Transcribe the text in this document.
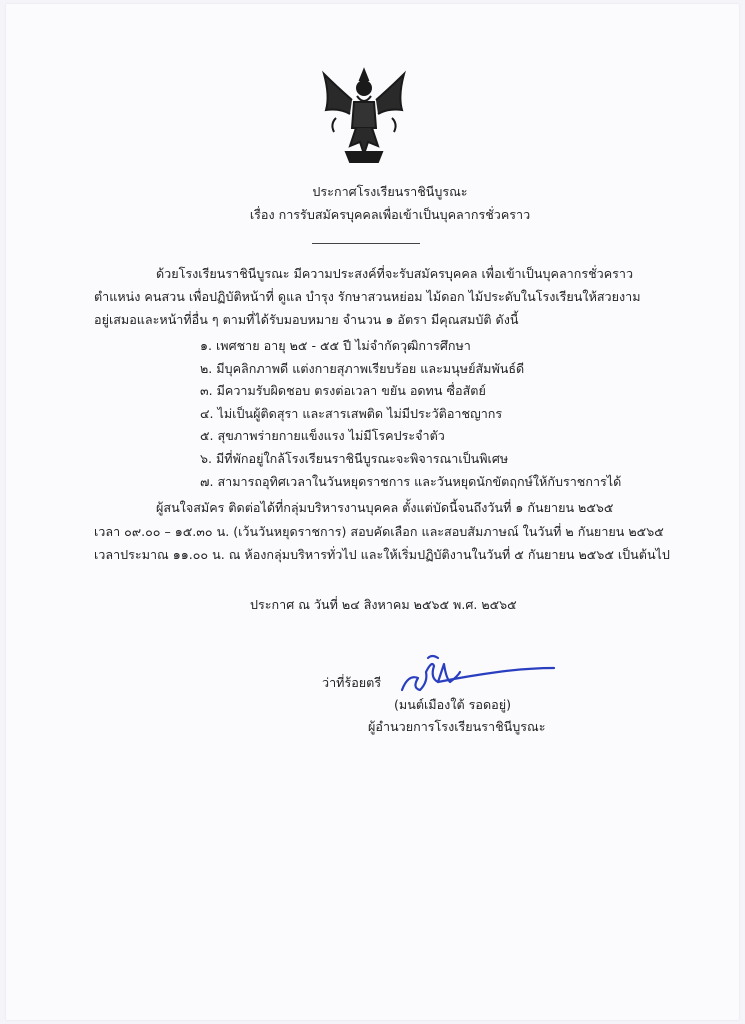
ประกาศโรงเรียนราชินีบูรณะ
เรื่อง การรับสมัครบุคคลเพื่อเข้าเป็นบุคลากรชั่วคราว
ด้วยโรงเรียนราชินีบูรณะ มีความประสงค์ที่จะรับสมัครบุคคล เพื่อเข้าเป็นบุคลากรชั่วคราว
ตำแหน่ง คนสวน เพื่อปฏิบัติหน้าที่ ดูแล บำรุง รักษาสวนหย่อม ไม้ดอก ไม้ประดับในโรงเรียนให้สวยงาม
อยู่เสมอและหน้าที่อื่น ๆ ตามที่ได้รับมอบหมาย จำนวน ๑ อัตรา มีคุณสมบัติ ดังนี้
๑. เพศชาย อายุ ๒๕ - ๕๕ ปี ไม่จำกัดวุฒิการศึกษา
๒. มีบุคลิกภาพดี แต่งกายสุภาพเรียบร้อย และมนุษย์สัมพันธ์ดี
๓. มีความรับผิดชอบ ตรงต่อเวลา ขยัน อดทน ซื่อสัตย์
๔. ไม่เป็นผู้ติดสุรา และสารเสพติด ไม่มีประวัติอาชญากร
๕. สุขภาพร่ายกายแข็งแรง ไม่มีโรคประจำตัว
๖. มีที่พักอยู่ใกล้โรงเรียนราชินีบูรณะจะพิจารณาเป็นพิเศษ
๗. สามารถอุทิศเวลาในวันหยุดราชการ และวันหยุดนักขัตฤกษ์ให้กับราชการได้
ผู้สนใจสมัคร ติดต่อได้ที่กลุ่มบริหารงานบุคคล ตั้งแต่บัดนี้จนถึงวันที่ ๑ กันยายน ๒๕๖๕
เวลา ๐๙.๐๐ – ๑๕.๓๐ น. (เว้นวันหยุดราชการ) สอบคัดเลือก และสอบสัมภาษณ์ ในวันที่ ๒ กันยายน ๒๕๖๕
เวลาประมาณ ๑๑.๐๐ น. ณ ห้องกลุ่มบริหารทั่วไป และให้เริ่มปฏิบัติงานในวันที่ ๕ กันยายน ๒๕๖๕ เป็นต้นไป
ประกาศ ณ วันที่ ๒๔ สิงหาคม ๒๕๖๕ พ.ศ. ๒๕๖๕
ว่าที่ร้อยตรี
(มนต์เมืองใต้ รอดอยู่)
ผู้อำนวยการโรงเรียนราชินีบูรณะ
